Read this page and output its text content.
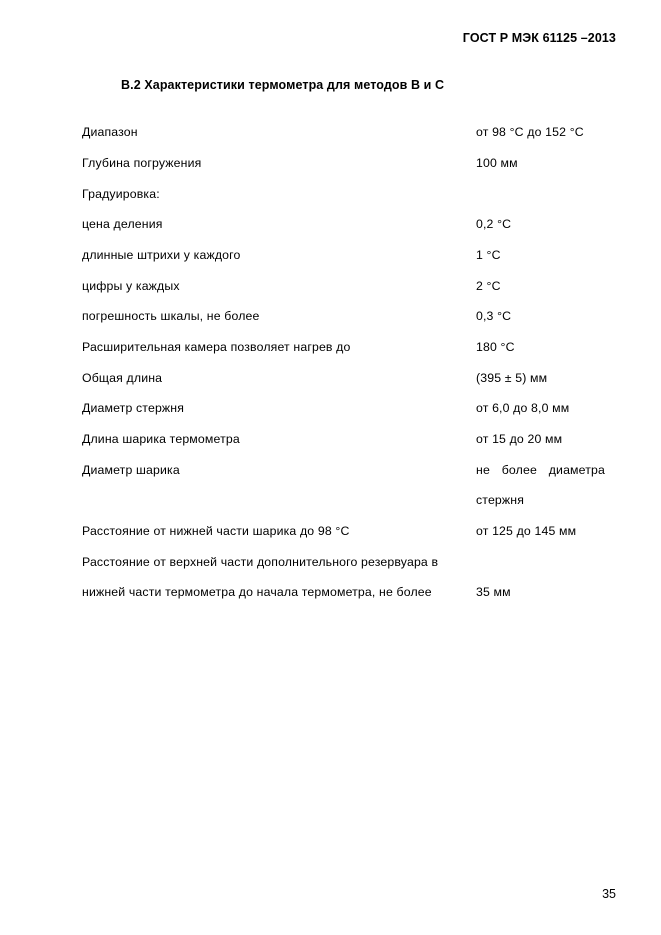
ГОСТ Р МЭК 61125 –2013
B.2 Характеристики термометра для методов B и C
Диапазон	от 98 °С до 152 °С
Глубина погружения	100 мм
Градуировка:
цена деления	0,2 °С
длинные штрихи у каждого	1 °С
цифры у каждых	2 °С
погрешность шкалы, не более	0,3 °С
Расширительная камера позволяет нагрев до	180 °С
Общая длина	(395 ± 5) мм
Диаметр стержня	от 6,0 до 8,0 мм
Длина шарика термометра	от 15 до 20 мм
Диаметр шарика	не более диаметра
стержня
Расстояние от нижней части шарика до 98 °С	от 125 до 145 мм
Расстояние от верхней части дополнительного резервуара в
нижней части термометра до начала термометра, не более	35 мм
35
